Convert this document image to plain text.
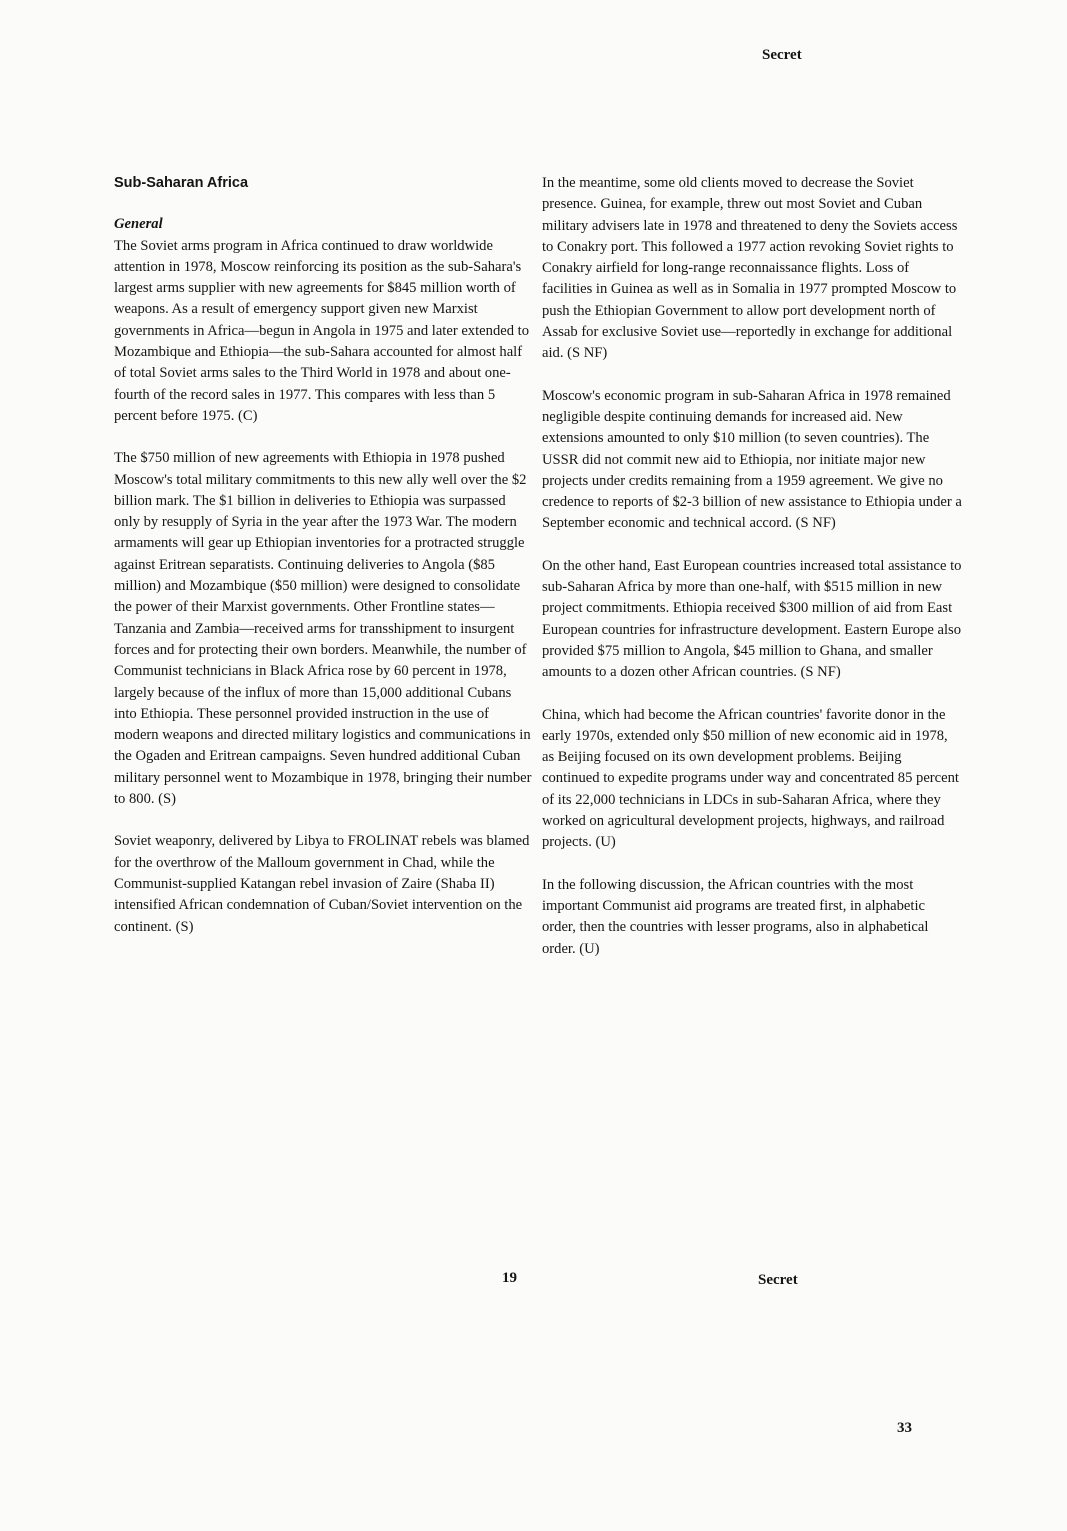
Secret
Sub-Saharan Africa
General

The Soviet arms program in Africa continued to draw worldwide attention in 1978, Moscow reinforcing its position as the sub-Sahara's largest arms supplier with new agreements for $845 million worth of weapons. As a result of emergency support given new Marxist governments in Africa—begun in Angola in 1975 and later extended to Mozambique and Ethiopia—the sub-Sahara accounted for almost half of total Soviet arms sales to the Third World in 1978 and about one-fourth of the record sales in 1977. This compares with less than 5 percent before 1975. (C)

The $750 million of new agreements with Ethiopia in 1978 pushed Moscow's total military commitments to this new ally well over the $2 billion mark. The $1 billion in deliveries to Ethiopia was surpassed only by resupply of Syria in the year after the 1973 War. The modern armaments will gear up Ethiopian inventories for a protracted struggle against Eritrean separatists. Continuing deliveries to Angola ($85 million) and Mozambique ($50 million) were designed to consolidate the power of their Marxist governments. Other Frontline states—Tanzania and Zambia—received arms for transshipment to insurgent forces and for protecting their own borders. Meanwhile, the number of Communist technicians in Black Africa rose by 60 percent in 1978, largely because of the influx of more than 15,000 additional Cubans into Ethiopia. These personnel provided instruction in the use of modern weapons and directed military logistics and communications in the Ogaden and Eritrean campaigns. Seven hundred additional Cuban military personnel went to Mozambique in 1978, bringing their number to 800. (S)

Soviet weaponry, delivered by Libya to FROLINAT rebels was blamed for the overthrow of the Malloum government in Chad, while the Communist-supplied Katangan rebel invasion of Zaire (Shaba II) intensified African condemnation of Cuban/Soviet intervention on the continent. (S)

In the meantime, some old clients moved to decrease the Soviet presence. Guinea, for example, threw out most Soviet and Cuban military advisers late in 1978 and threatened to deny the Soviets access to Conakry port. This followed a 1977 action revoking Soviet rights to Conakry airfield for long-range reconnaissance flights. Loss of facilities in Guinea as well as in Somalia in 1977 prompted Moscow to push the Ethiopian Government to allow port development north of Assab for exclusive Soviet use—reportedly in exchange for additional aid. (S NF)

Moscow's economic program in sub-Saharan Africa in 1978 remained negligible despite continuing demands for increased aid. New extensions amounted to only $10 million (to seven countries). The USSR did not commit new aid to Ethiopia, nor initiate major new projects under credits remaining from a 1959 agreement. We give no credence to reports of $2-3 billion of new assistance to Ethiopia under a September economic and technical accord. (S NF)

On the other hand, East European countries increased total assistance to sub-Saharan Africa by more than one-half, with $515 million in new project commitments. Ethiopia received $300 million of aid from East European countries for infrastructure development. Eastern Europe also provided $75 million to Angola, $45 million to Ghana, and smaller amounts to a dozen other African countries. (S NF)

China, which had become the African countries' favorite donor in the early 1970s, extended only $50 million of new economic aid in 1978, as Beijing focused on its own development problems. Beijing continued to expedite programs under way and concentrated 85 percent of its 22,000 technicians in LDCs in sub-Saharan Africa, where they worked on agricultural development projects, highways, and railroad projects. (U)

In the following discussion, the African countries with the most important Communist aid programs are treated first, in alphabetic order, then the countries with lesser programs, also in alphabetical order. (U)

19	Secret
33
